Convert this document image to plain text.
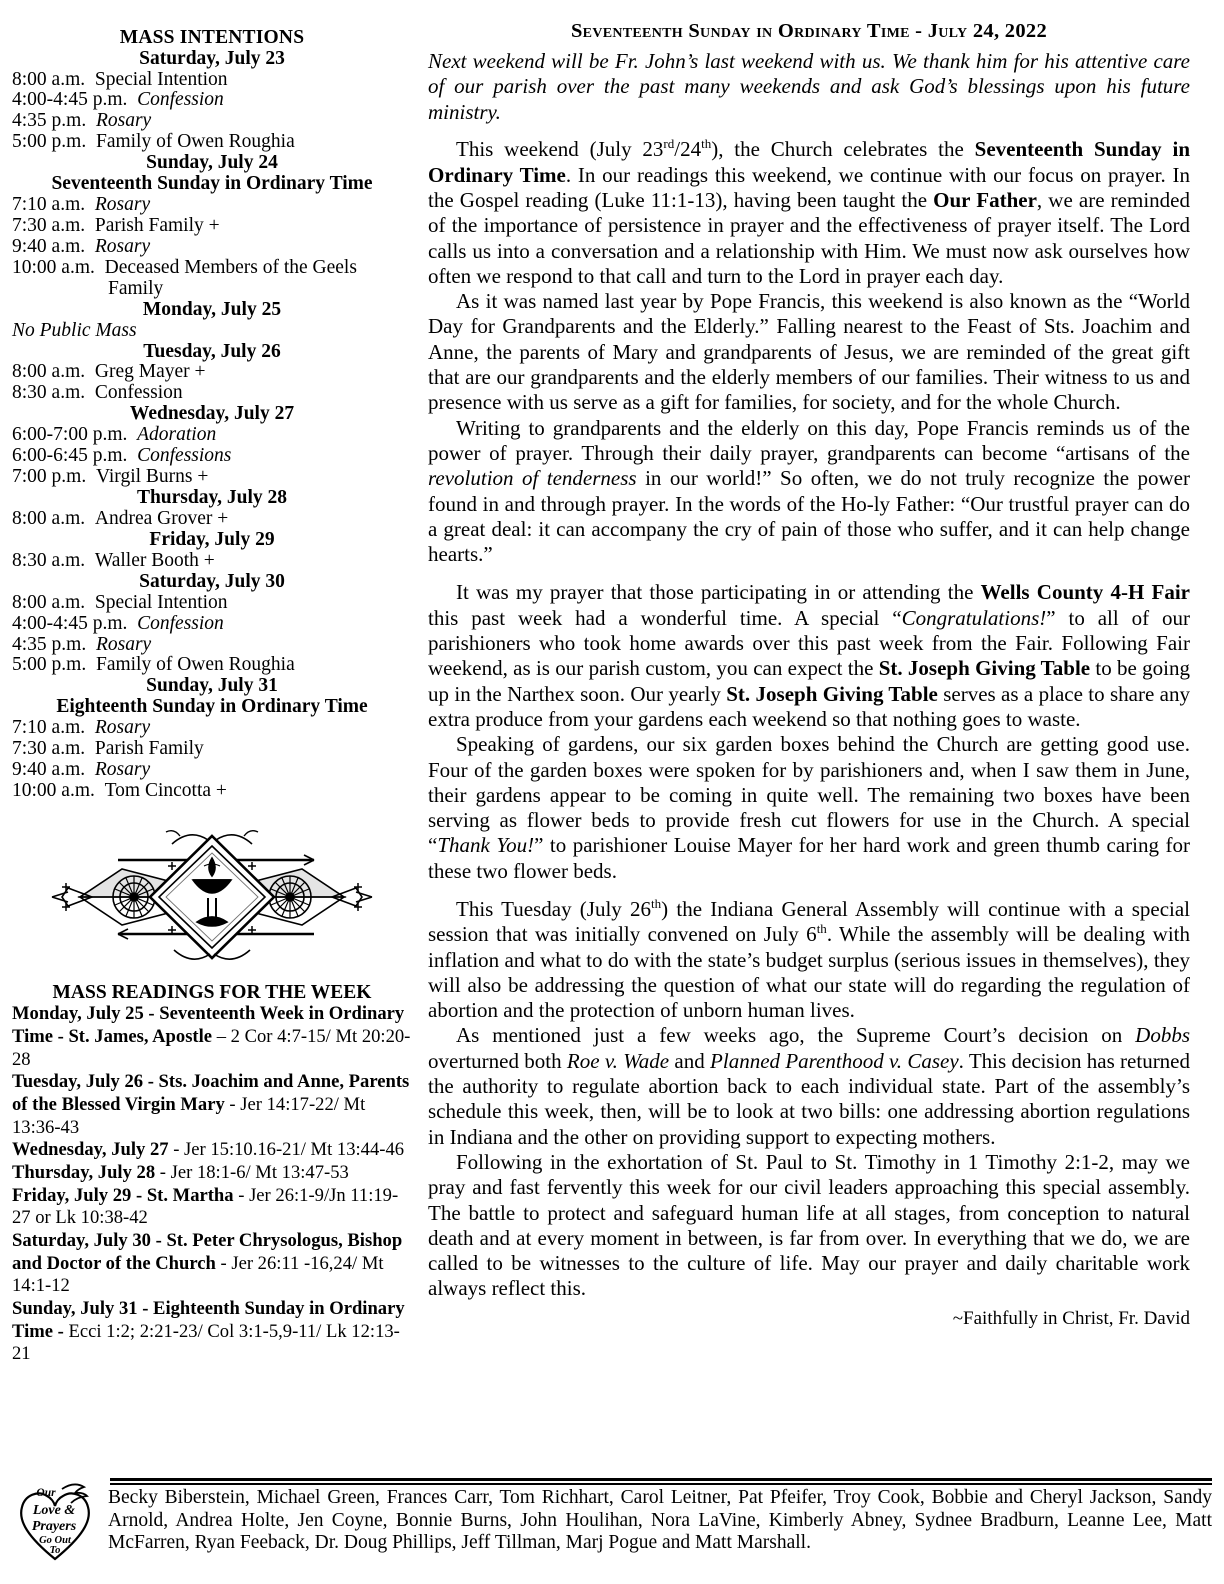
MASS INTENTIONS
Saturday, July 23
8:00 a.m. Special Intention
4:00-4:45 p.m. Confession
4:35 p.m. Rosary
5:00 p.m. Family of Owen Roughia
Sunday, July 24
Seventeenth Sunday in Ordinary Time
7:10 a.m. Rosary
7:30 a.m. Parish Family +
9:40 a.m. Rosary
10:00 a.m. Deceased Members of the Geels
Family
Monday, July 25
No Public Mass
Tuesday, July 26
8:00 a.m. Greg Mayer +
8:30 a.m. Confession
Wednesday, July 27
6:00-7:00 p.m. Adoration
6:00-6:45 p.m. Confessions
7:00 p.m. Virgil Burns +
Thursday, July 28
8:00 a.m. Andrea Grover +
Friday, July 29
8:30 a.m. Waller Booth +
Saturday, July 30
8:00 a.m. Special Intention
4:00-4:45 p.m. Confession
4:35 p.m. Rosary
5:00 p.m. Family of Owen Roughia
Sunday, July 31
Eighteenth Sunday in Ordinary Time
7:10 a.m. Rosary
7:30 a.m. Parish Family
9:40 a.m. Rosary
10:00 a.m. Tom Cincotta +
MASS READINGS FOR THE WEEK
Monday, July 25 - Seventeenth Week in Ordinary Time - St. James, Apostle – 2 Cor 4:7-15/ Mt 20:20-28
Tuesday, July 26 - Sts. Joachim and Anne, Parents of the Blessed Virgin Mary - Jer 14:17-22/ Mt 13:36-43
Wednesday, July 27 - Jer 15:10.16-21/ Mt 13:44-46
Thursday, July 28 - Jer 18:1-6/ Mt 13:47-53
Friday, July 29 - St. Martha - Jer 26:1-9/Jn 11:19-27 or Lk 10:38-42
Saturday, July 30 - St. Peter Chrysologus, Bishop and Doctor of the Church - Jer 26:11 -16,24/ Mt 14:1-12
Sunday, July 31 - Eighteenth Sunday in Ordinary Time - Ecci 1:2; 2:21-23/ Col 3:1-5,9-11/ Lk 12:13-21
Seventeenth Sunday in Ordinary Time - July 24, 2022
Next weekend will be Fr. John’s last weekend with us. We thank him for his attentive care of our parish over the past many weekends and ask God’s blessings upon his future ministry.

This weekend (July 23rd/24th), the Church celebrates the Seventeenth Sunday in Ordinary Time. In our readings this weekend, we continue with our focus on prayer. In the Gospel reading (Luke 11:1-13), having been taught the Our Father, we are reminded of the importance of persistence in prayer and the effectiveness of prayer itself. The Lord calls us into a conversation and a relationship with Him. We must now ask ourselves how often we respond to that call and turn to the Lord in prayer each day.

As it was named last year by Pope Francis, this weekend is also known as the “World Day for Grandparents and the Elderly.” Falling nearest to the Feast of Sts. Joachim and Anne, the parents of Mary and grandparents of Jesus, we are reminded of the great gift that are our grandparents and the elderly members of our families. Their witness to us and presence with us serve as a gift for families, for society, and for the whole Church.

Writing to grandparents and the elderly on this day, Pope Francis reminds us of the power of prayer. Through their daily prayer, grandparents can become “artisans of the revolution of tenderness in our world!” So often, we do not truly recognize the power found in and through prayer. In the words of the Ho-ly Father: “Our trustful prayer can do a great deal: it can accompany the cry of pain of those who suffer, and it can help change hearts.”

It was my prayer that those participating in or attending the Wells County 4-H Fair this past week had a wonderful time. A special “Congratulations!” to all of our parishioners who took home awards over this past week from the Fair. Following Fair weekend, as is our parish custom, you can expect the St. Joseph Giving Table to be going up in the Narthex soon. Our yearly St. Joseph Giving Table serves as a place to share any extra produce from your gardens each weekend so that nothing goes to waste.

Speaking of gardens, our six garden boxes behind the Church are getting good use. Four of the garden boxes were spoken for by parishioners and, when I saw them in June, their gardens appear to be coming in quite well. The remaining two boxes have been serving as flower beds to provide fresh cut flowers for use in the Church. A special “Thank You!” to parishioner Louise Mayer for her hard work and green thumb caring for these two flower beds.

This Tuesday (July 26th) the Indiana General Assembly will continue with a special session that was initially convened on July 6th. While the assembly will be dealing with inflation and what to do with the state’s budget surplus (serious issues in themselves), they will also be addressing the question of what our state will do regarding the regulation of abortion and the protection of unborn human lives.

As mentioned just a few weeks ago, the Supreme Court’s decision on Dobbs overturned both Roe v. Wade and Planned Parenthood v. Casey. This decision has returned the authority to regulate abortion back to each individual state. Part of the assembly’s schedule this week, then, will be to look at two bills: one addressing abortion regulations in Indiana and the other on providing support to expecting mothers.

Following in the exhortation of St. Paul to St. Timothy in 1 Timothy 2:1-2, may we pray and fast fervently this week for our civil leaders approaching this special assembly. The battle to protect and safeguard human life at all stages, from conception to natural death and at every moment in between, is far from over. In everything that we do, we are called to be witnesses to the culture of life. May our prayer and daily charitable work always reflect this.

~Faithfully in Christ, Fr. David
Our
Love &
Prayers
Go Out
To
Becky Biberstein, Michael Green, Frances Carr, Tom Richhart, Carol Leitner, Pat Pfeifer, Troy Cook, Bobbie and Cheryl Jackson, Sandy Arnold, Andrea Holte, Jen Coyne, Bonnie Burns, John Houlihan, Nora LaVine, Kimberly Abney, Sydnee Bradburn, Leanne Lee, Matt McFarren, Ryan Feeback, Dr. Doug Phillips, Jeff Tillman, Marj Pogue and Matt Marshall.
